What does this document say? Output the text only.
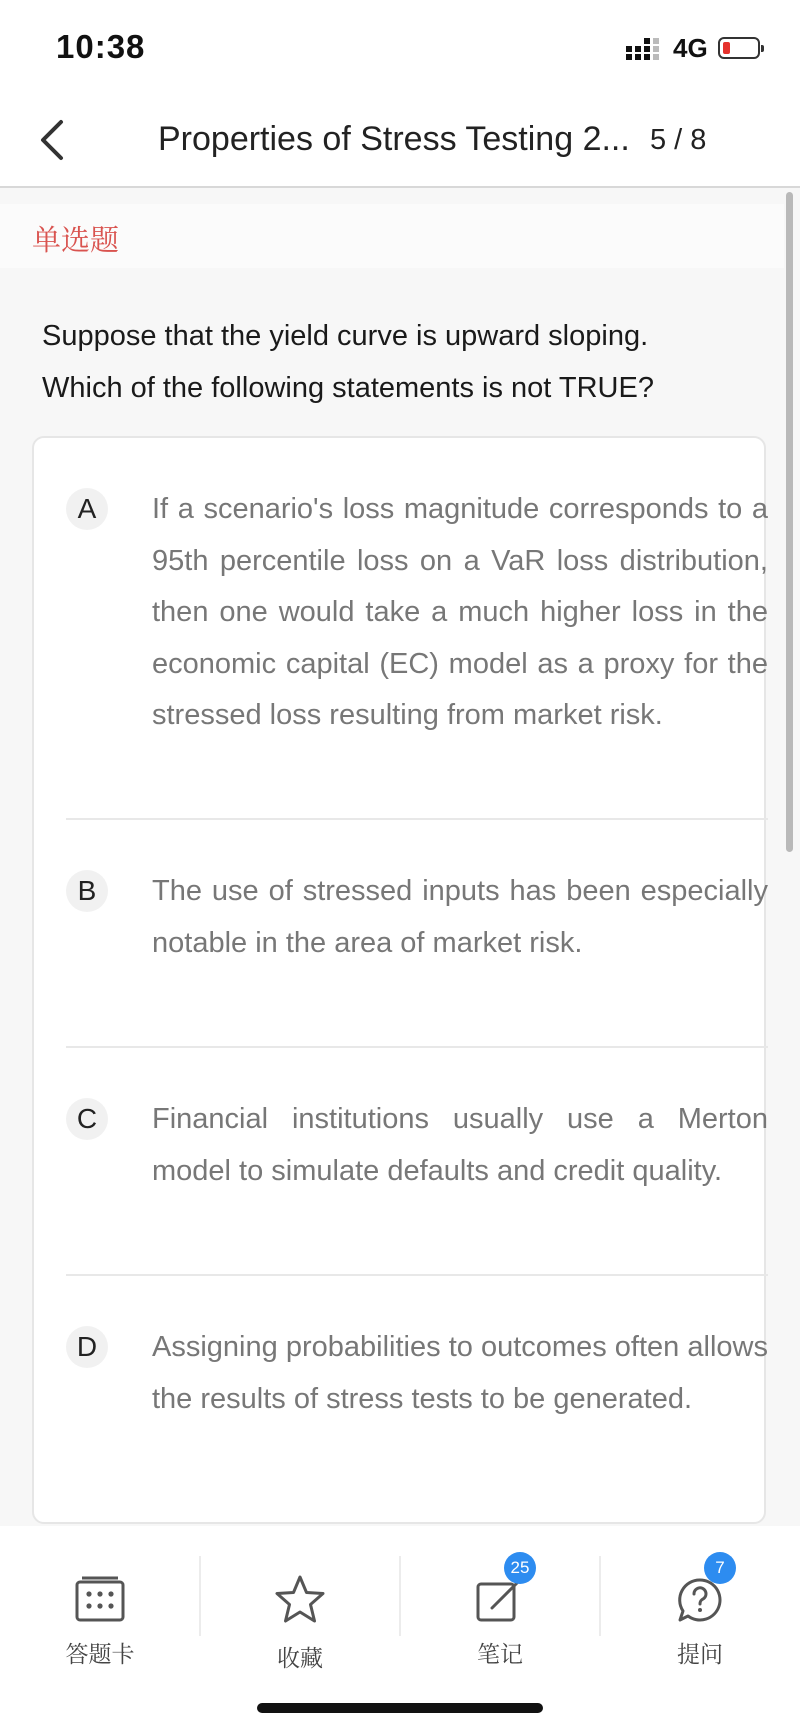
10:38	4G
Properties of Stress Testing 2... 5 / 8
单选题
Suppose that the yield curve is upward sloping.
Which of the following statements is not TRUE?
A	If a scenario's loss magnitude corresponds to a 95th percentile loss on a VaR loss distribution, then one would take a much higher loss in the economic capital (EC) model as a proxy for the stressed loss resulting from market risk.
B	The use of stressed inputs has been especially notable in the area of market risk.
C	Financial institutions usually use a Merton model to simulate defaults and credit quality.
D	Assigning probabilities to outcomes often allows the results of stress tests to be generated.
答题卡	收藏
25
笔记
7
提问
